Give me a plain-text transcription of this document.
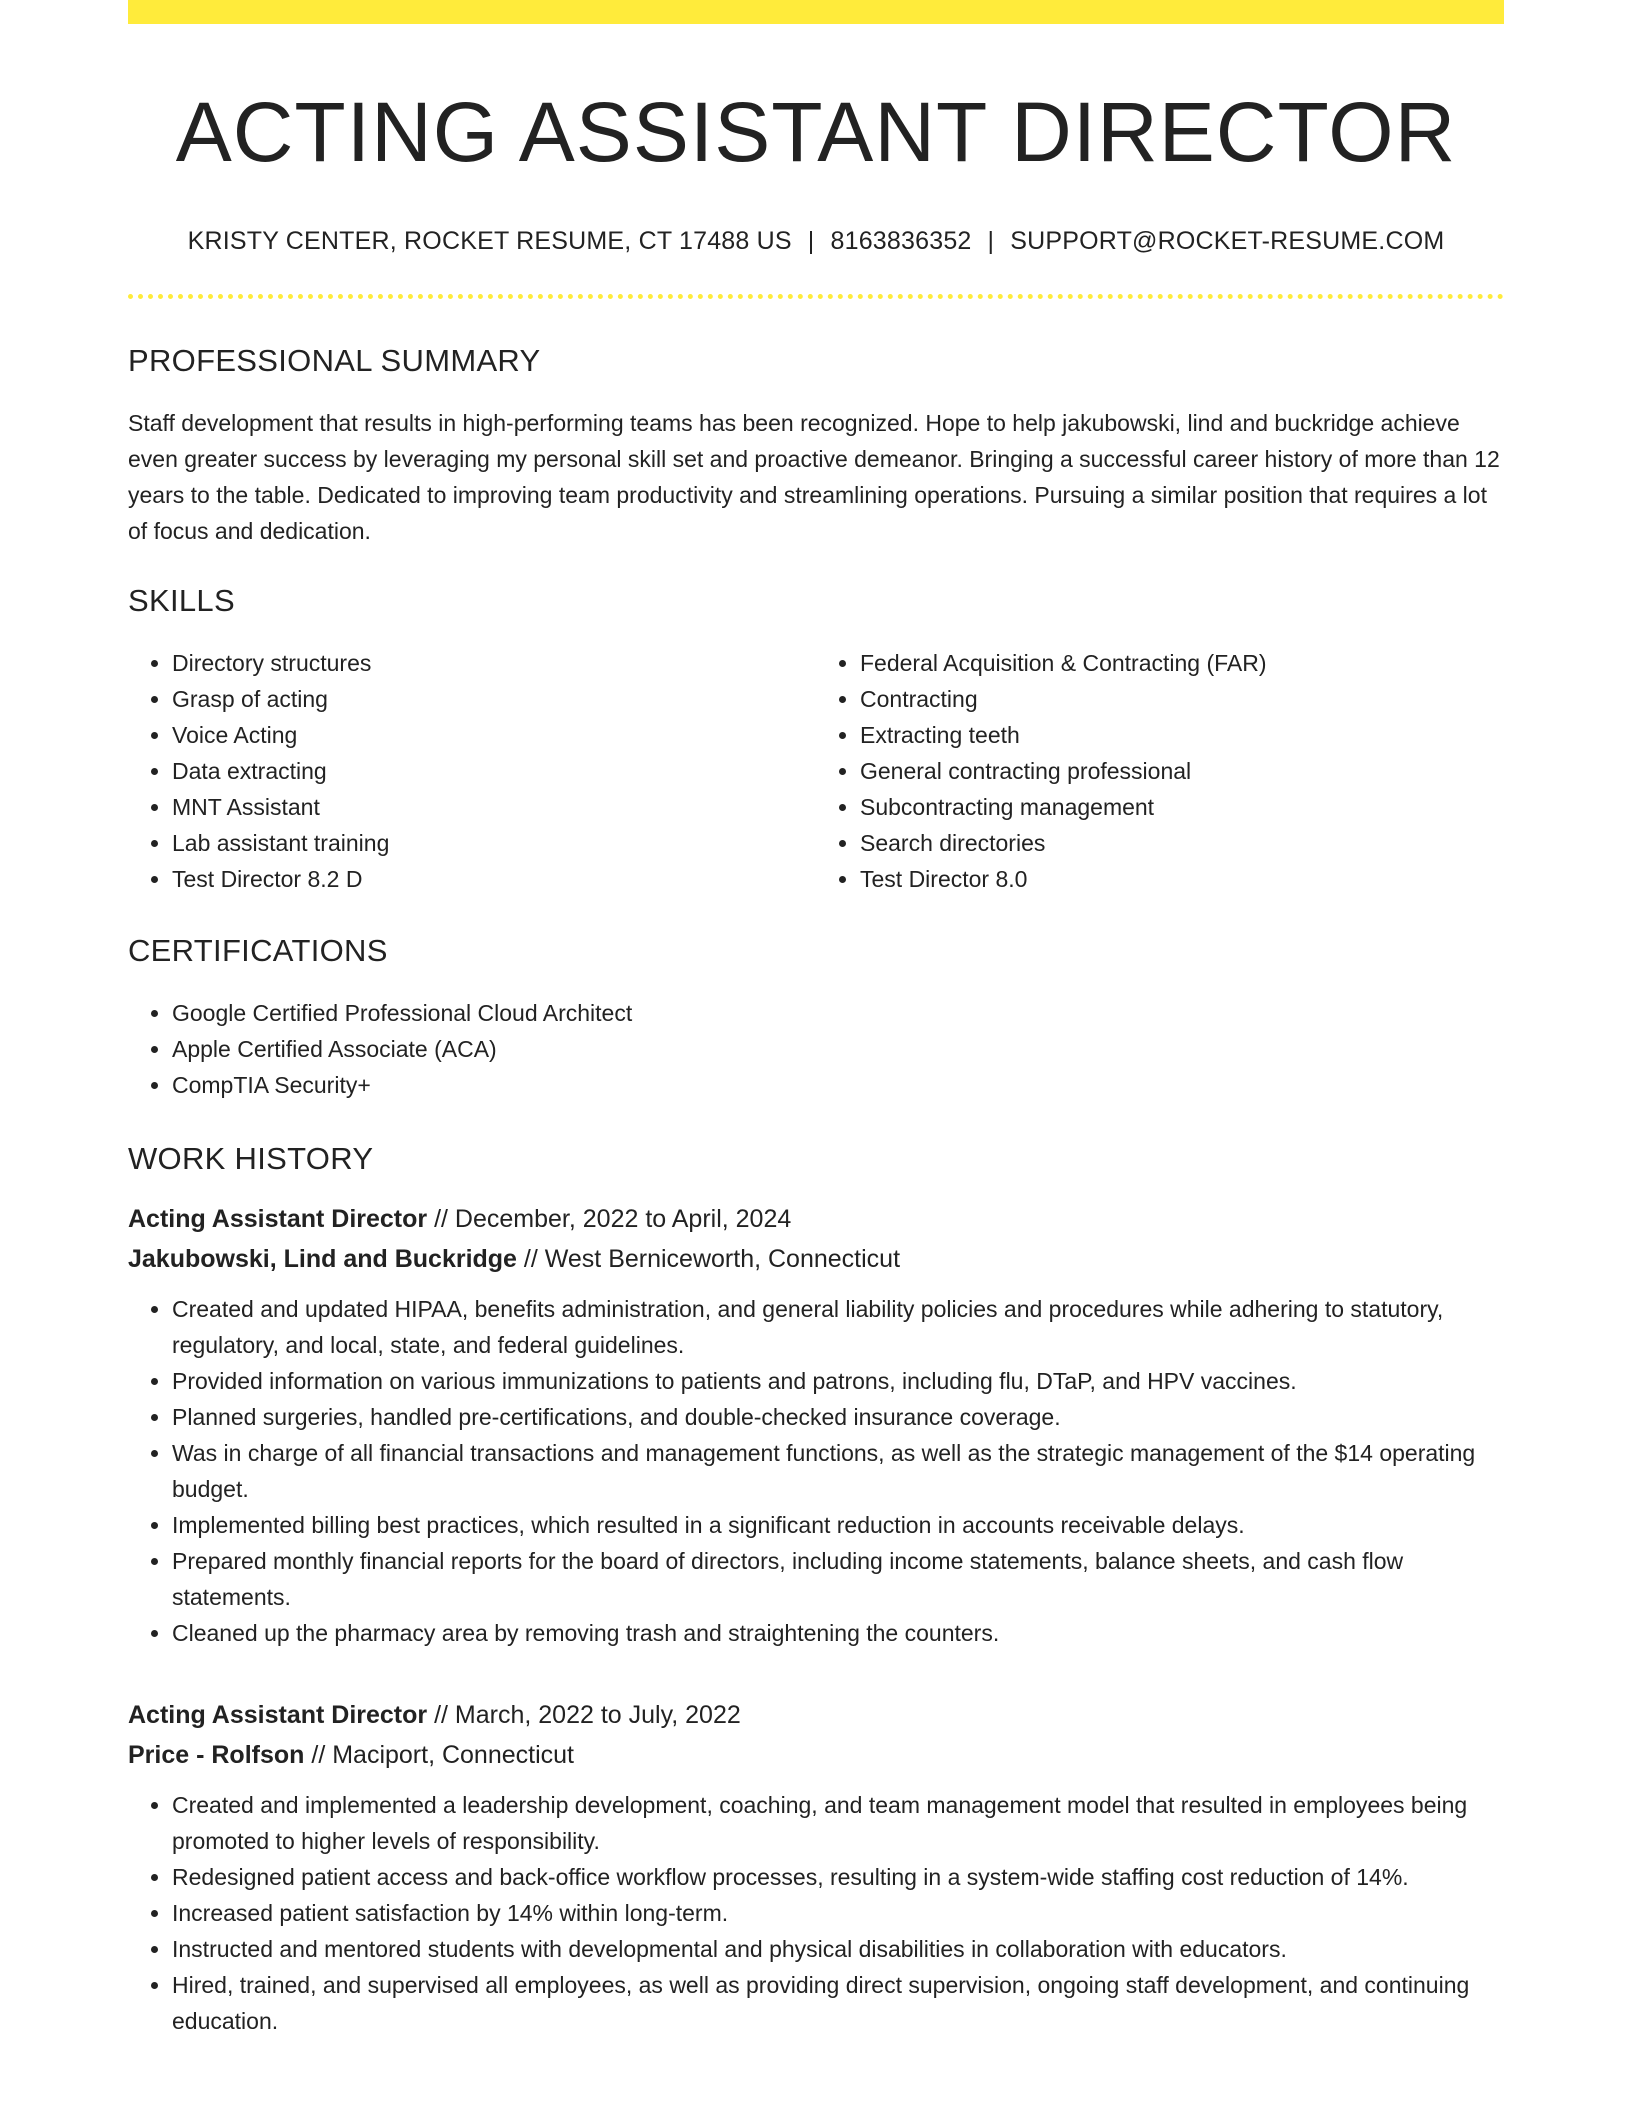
ACTING ASSISTANT DIRECTOR
KRISTY CENTER, ROCKET RESUME, CT 17488 US | 8163836352 | SUPPORT@ROCKET-RESUME.COM
PROFESSIONAL SUMMARY

Staff development that results in high-performing teams has been recognized. Hope to help jakubowski, lind and buckridge achieve even greater success by leveraging my personal skill set and proactive demeanor. Bringing a successful career history of more than 12 years to the table. Dedicated to improving team productivity and streamlining operations. Pursuing a similar position that requires a lot of focus and dedication.

SKILLS
• Directory structures
• Grasp of acting
• Voice Acting
• Data extracting
• MNT Assistant
• Lab assistant training
• Test Director 8.2 D
• Federal Acquisition & Contracting (FAR)
• Contracting
• Extracting teeth
• General contracting professional
• Subcontracting management
• Search directories
• Test Director 8.0
CERTIFICATIONS
• Google Certified Professional Cloud Architect
• Apple Certified Associate (ACA)
• CompTIA Security+
WORK HISTORY
Acting Assistant Director // December, 2022 to April, 2024
Jakubowski, Lind and Buckridge // West Berniceworth, Connecticut
• Created and updated HIPAA, benefits administration, and general liability policies and procedures while adhering to statutory, regulatory, and local, state, and federal guidelines.
• Provided information on various immunizations to patients and patrons, including flu, DTaP, and HPV vaccines.
• Planned surgeries, handled pre-certifications, and double-checked insurance coverage.
• Was in charge of all financial transactions and management functions, as well as the strategic management of the $14 operating budget.
• Implemented billing best practices, which resulted in a significant reduction in accounts receivable delays.
• Prepared monthly financial reports for the board of directors, including income statements, balance sheets, and cash flow statements.
• Cleaned up the pharmacy area by removing trash and straightening the counters.
Acting Assistant Director // March, 2022 to July, 2022
Price - Rolfson // Maciport, Connecticut
• Created and implemented a leadership development, coaching, and team management model that resulted in employees being promoted to higher levels of responsibility.
• Redesigned patient access and back-office workflow processes, resulting in a system-wide staffing cost reduction of 14%.
• Increased patient satisfaction by 14% within long-term.
• Instructed and mentored students with developmental and physical disabilities in collaboration with educators.
• Hired, trained, and supervised all employees, as well as providing direct supervision, ongoing staff development, and continuing education.
